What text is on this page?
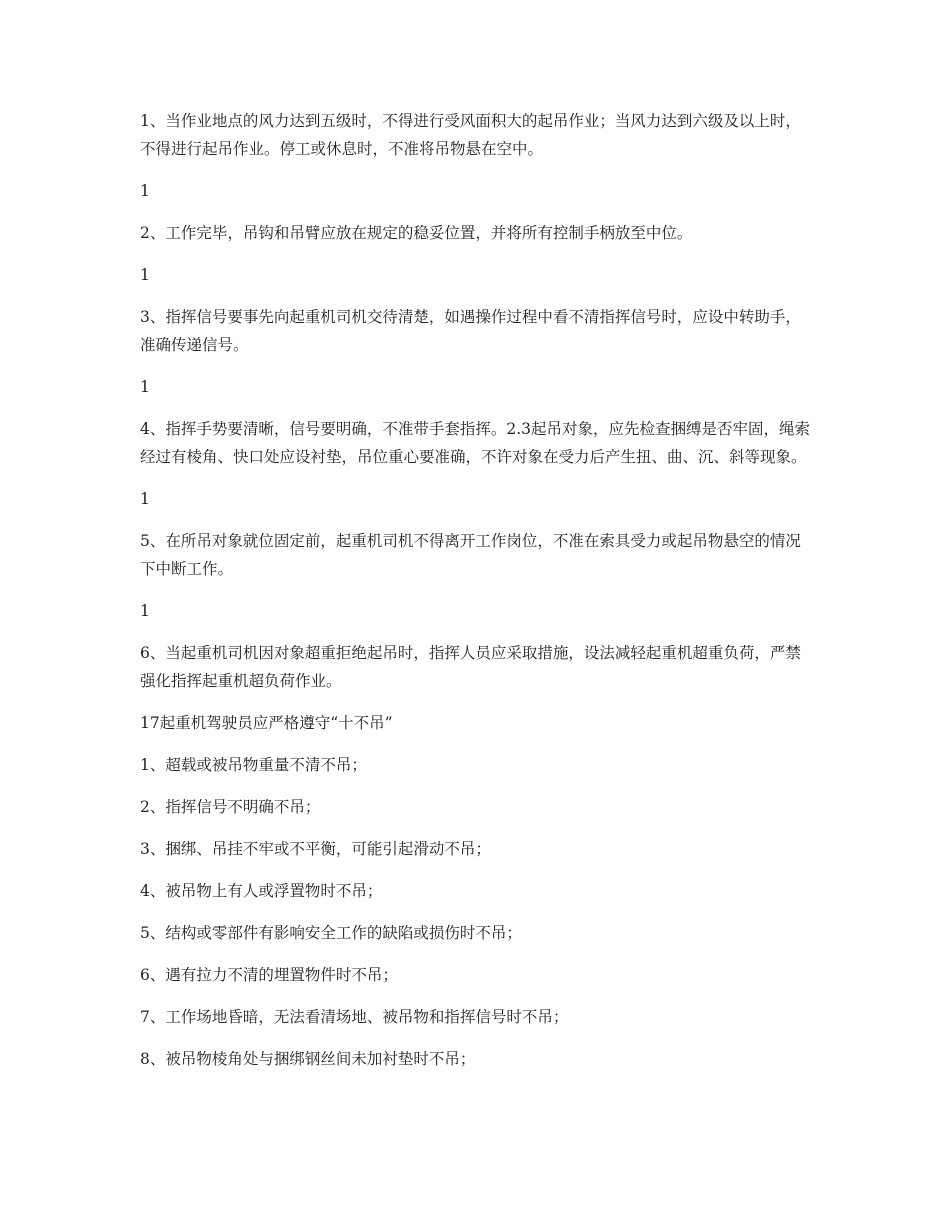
1、当作业地点的风力达到五级时，不得进行受风面积大的起吊作业；当风力达到六级及以上时，不得进行起吊作业。停工或休息时，不准将吊物悬在空中。

1

2、工作完毕，吊钩和吊臂应放在规定的稳妥位置，并将所有控制手柄放至中位。

1

3、指挥信号要事先向起重机司机交待清楚，如遇操作过程中看不清指挥信号时，应设中转助手，准确传递信号。

1

4、指挥手势要清晰，信号要明确，不准带手套指挥。2.3起吊对象，应先检查捆缚是否牢固，绳索经过有棱角、快口处应设衬垫，吊位重心要准确，不许对象在受力后产生扭、曲、沉、斜等现象。

1

5、在所吊对象就位固定前，起重机司机不得离开工作岗位，不准在索具受力或起吊物悬空的情况下中断工作。

1

6、当起重机司机因对象超重拒绝起吊时，指挥人员应采取措施，设法减轻起重机超重负荷，严禁强化指挥起重机超负荷作业。

17起重机驾驶员应严格遵守“十不吊”

1、超载或被吊物重量不清不吊；

2、指挥信号不明确不吊；

3、捆绑、吊挂不牢或不平衡，可能引起滑动不吊；

4、被吊物上有人或浮置物时不吊；

5、结构或零部件有影响安全工作的缺陷或损伤时不吊；

6、遇有拉力不清的埋置物件时不吊；

7、工作场地昏暗，无法看清场地、被吊物和指挥信号时不吊；

8、被吊物棱角处与捆绑钢丝间未加衬垫时不吊；
